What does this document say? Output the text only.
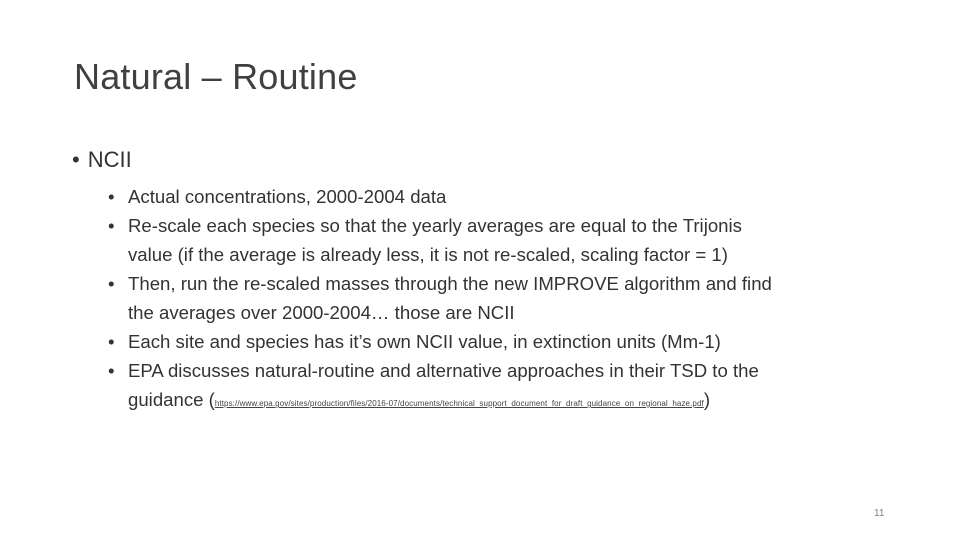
Natural – Routine
• NCII
• Actual concentrations, 2000-2004 data
• Re-scale each species so that the yearly averages are equal to the Trijonis
value (if the average is already less, it is not re-scaled, scaling factor = 1)
• Then, run the re-scaled masses through the new IMPROVE algorithm and find
the averages over 2000-2004… those are NCII
• Each site and species has it’s own NCII value, in extinction units (Mm-1)
• EPA discusses natural-routine and alternative approaches in their TSD to the
guidance (https://www.epa.gov/sites/production/files/2016-07/documents/technical_support_document_for_draft_guidance_on_regional_haze.pdf)
11
